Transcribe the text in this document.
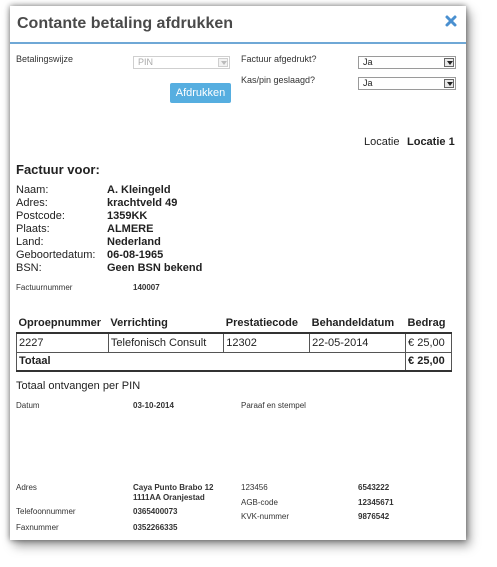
Contante betaling afdrukken
Betalingswijze	PIN	Factuur afgedrukt?	Ja
Kas/pin geslaagd?	Ja
Afdrukken
Locatie Locatie 1
Factuur voor:
Naam:	A. Kleingeld
Adres:	krachtveld 49
Postcode:	1359KK
Plaats:	ALMERE
Land:	Nederland
Geboortedatum: 06-08-1965
BSN:	Geen BSN bekend
Factuurnummer	140007
Oproepnummer	Verrichting	Prestatiecode	Behandeldatum	Bedrag
2227	Telefonisch Consult	12302	22-05-2014	€ 25,00
Totaal				€ 25,00
Totaal ontvangen per PIN
Datum	03-10-2014	Paraaf en stempel
Adres	Caya Punto Brabo 12
1111AA Oranjestad
Telefoonnummer	0365400073
Faxnummer	0352266335
123456	6543222
AGB-code	12345671
KVK-nummer	9876542
